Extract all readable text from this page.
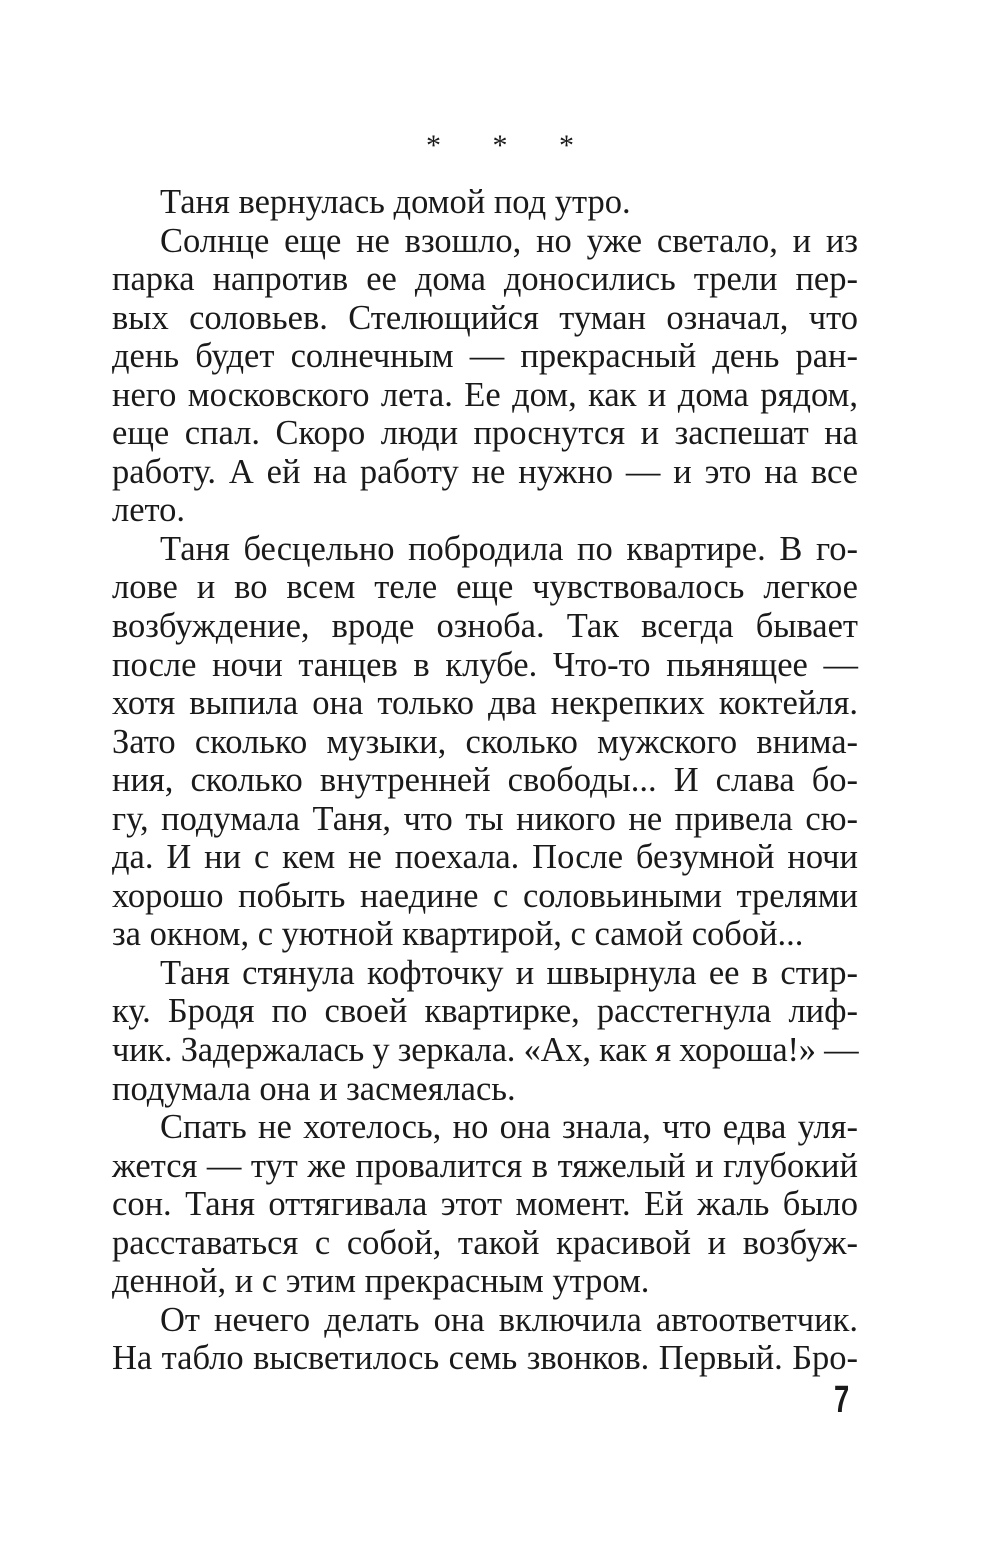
* * *
Таня вернулась домой под утро.
Солнце еще не взошло, но уже светало, и из
парка напротив ее дома доносились трели пер-
вых соловьев. Стелющийся туман означал, что
день будет солнечным — прекрасный день ран-
него московского лета. Ее дом, как и дома рядом,
еще спал. Скоро люди проснутся и заспешат на
работу. А ей на работу не нужно — и это на все
лето.
Таня бесцельно побродила по квартире. В го-
лове и во всем теле еще чувствовалось легкое
возбуждение, вроде озноба. Так всегда бывает
после ночи танцев в клубе. Что-то пьянящее —
хотя выпила она только два некрепких коктейля.
Зато сколько музыки, сколько мужского внима-
ния, сколько внутренней свободы... И слава бо-
гу, подумала Таня, что ты никого не привела сю-
да. И ни с кем не поехала. После безумной ночи
хорошо побыть наедине с соловьиными трелями
за окном, с уютной квартирой, с самой собой...
Таня стянула кофточку и швырнула ее в стир-
ку. Бродя по своей квартирке, расстегнула лиф-
чик. Задержалась у зеркала. «Ах, как я хороша!» —
подумала она и засмеялась.
Спать не хотелось, но она знала, что едва уля-
жется — тут же провалится в тяжелый и глубокий
сон. Таня оттягивала этот момент. Ей жаль было
расставаться с собой, такой красивой и возбуж-
денной, и с этим прекрасным утром.
От нечего делать она включила автоответчик.
На табло высветилось семь звонков. Первый. Бро-
7
